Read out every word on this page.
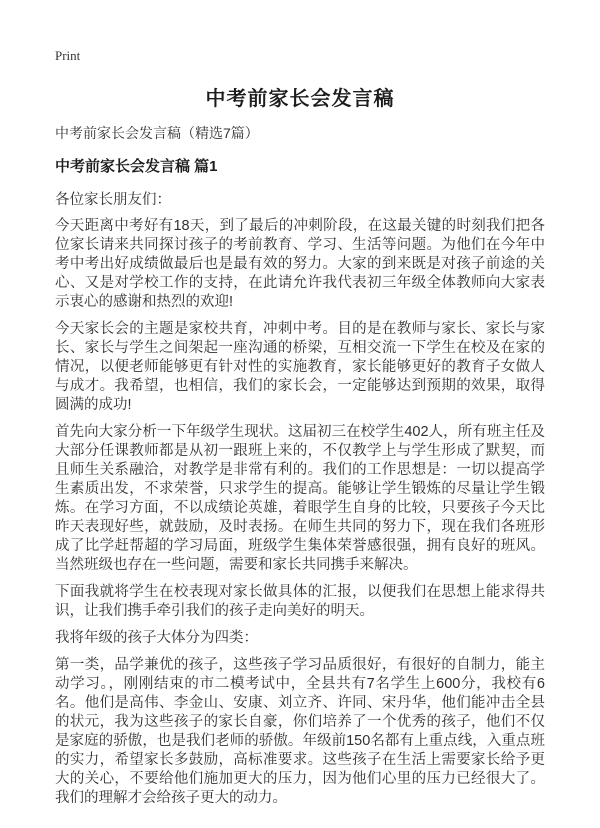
Print
中考前家长会发言稿
中考前家长会发言稿（精选7篇）
中考前家长会发言稿 篇1
各位家长朋友们：

今天距离中考好有18天，到了最后的冲刺阶段，在这最关键的时刻我们把各位家长请来共同探讨孩子的考前教育、学习、生活等问题。为他们在今年中考中考出好成绩做最后也是最有效的努力。大家的到来既是对孩子前途的关心、又是对学校工作的支持，在此请允许我代表初三年级全体教师向大家表示衷心的感谢和热烈的欢迎!

今天家长会的主题是家校共育，冲刺中考。目的是在教师与家长、家长与家长、家长与学生之间架起一座沟通的桥梁，互相交流一下学生在校及在家的情况，以便老师能够更有针对性的实施教育，家长能够更好的教育子女做人与成才。我希望，也相信，我们的家长会，一定能够达到预期的效果，取得圆满的成功!

首先向大家分析一下年级学生现状。这届初三在校学生402人，所有班主任及大部分任课教师都是从初一跟班上来的，不仅教学上与学生形成了默契，而且师生关系融洽，对教学是非常有利的。我们的工作思想是：一切以提高学生素质出发，不求荣誉，只求学生的提高。能够让学生锻炼的尽量让学生锻炼。在学习方面，不以成绩论英雄，着眼学生自身的比较，只要孩子今天比昨天表现好些，就鼓励，及时表扬。在师生共同的努力下，现在我们各班形成了比学赶帮超的学习局面，班级学生集体荣誉感很强，拥有良好的班风。当然班级也存在一些问题，需要和家长共同携手来解决。

下面我就将学生在校表现对家长做具体的汇报，以便我们在思想上能求得共识，让我们携手牵引我们的孩子走向美好的明天。

我将年级的孩子大体分为四类：

第一类，品学兼优的孩子，这些孩子学习品质很好，有很好的自制力，能主动学习。，刚刚结束的市二模考试中，全县共有7名学生上600分，我校有6名。他们是高伟、李金山、安康、刘立齐、许同、宋丹华，他们能冲击全县的状元，我为这些孩子的家长自豪，你们培养了一个优秀的孩子，他们不仅是家庭的骄傲，也是我们老师的骄傲。年级前150名都有上重点线，入重点班的实力，希望家长多鼓励，高标准要求。这些孩子在生活上需要家长给予更大的关心，不要给他们施加更大的压力，因为他们心里的压力已经很大了。我们的理解才会给孩子更大的动力。
